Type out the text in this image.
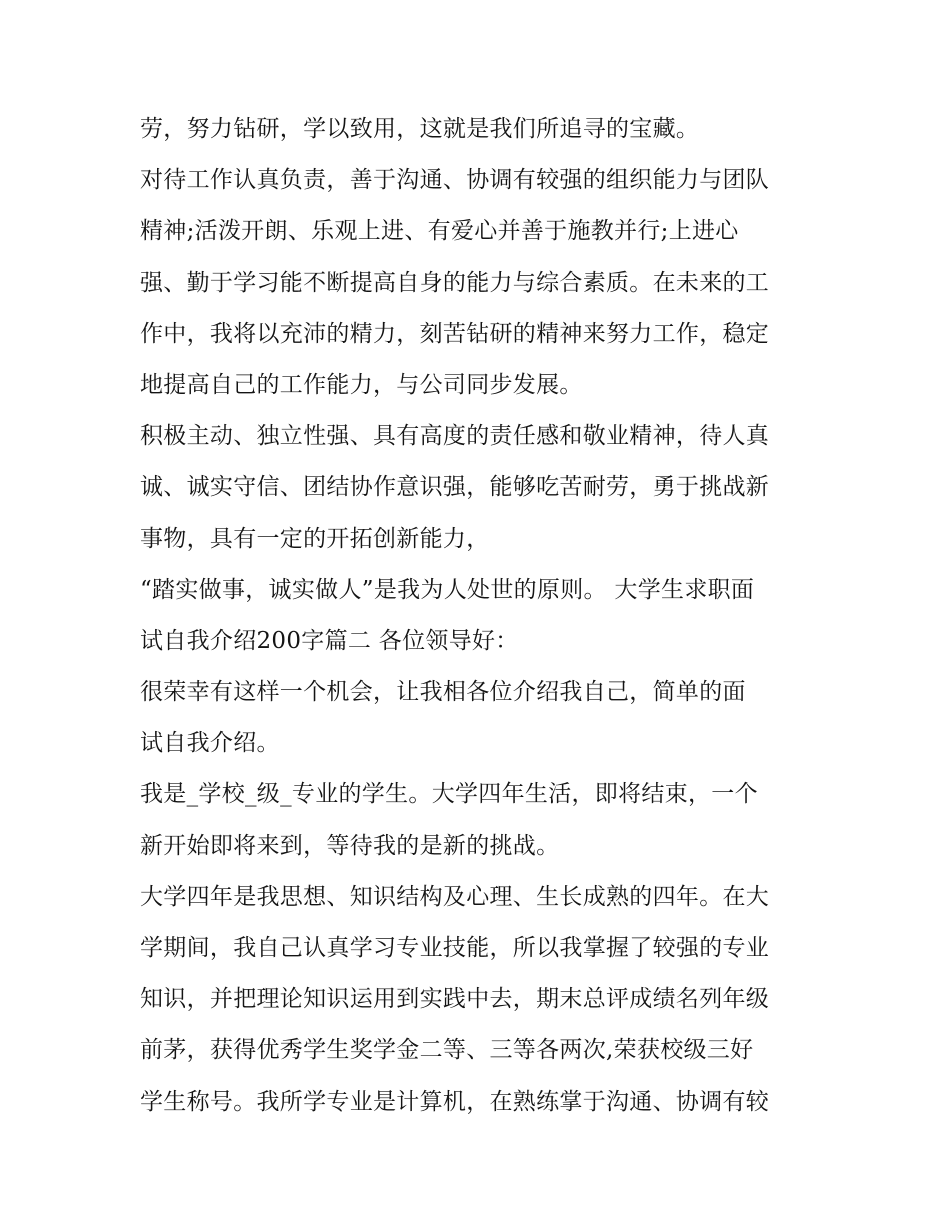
劳，努力钻研，学以致用，这就是我们所追寻的宝藏。
对待工作认真负责，善于沟通、协调有较强的组织能力与团队
精神;活泼开朗、乐观上进、有爱心并善于施教并行;上进心
强、勤于学习能不断提高自身的能力与综合素质。在未来的工
作中，我将以充沛的精力，刻苦钻研的精神来努力工作，稳定
地提高自己的工作能力，与公司同步发展。
积极主动、独立性强、具有高度的责任感和敬业精神，待人真
诚、诚实守信、团结协作意识强，能够吃苦耐劳，勇于挑战新
事物，具有一定的开拓创新能力，
“踏实做事，诚实做人”是我为人处世的原则。 大学生求职面
试自我介绍200字篇二 各位领导好：
很荣幸有这样一个机会，让我相各位介绍我自己，简单的面
试自我介绍。
我是_学校_级_专业的学生。大学四年生活，即将结束，一个
新开始即将来到，等待我的是新的挑战。
大学四年是我思想、知识结构及心理、生长成熟的四年。在大
学期间，我自己认真学习专业技能，所以我掌握了较强的专业
知识，并把理论知识运用到实践中去，期末总评成绩名列年级
前茅，获得优秀学生奖学金二等、三等各两次,荣获校级三好
学生称号。我所学专业是计算机，在熟练掌于沟通、协调有较
